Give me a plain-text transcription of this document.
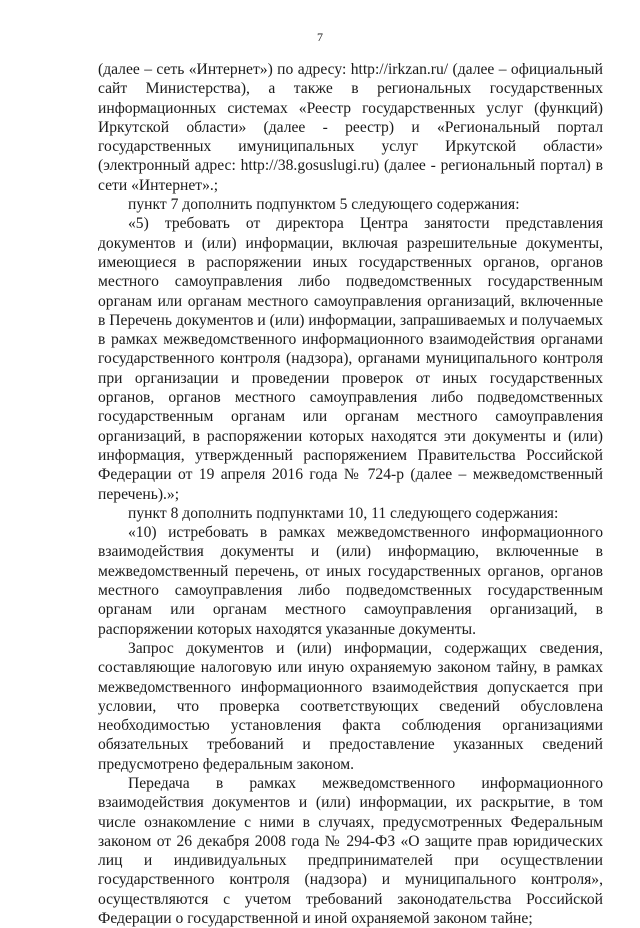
7

(далее – сеть «Интернет») по адресу: http://irkzan.ru/ (далее – официальный сайт Министерства), а также в региональных государственных информационных системах «Реестр государственных услуг (функций) Иркутской области» (далее - реестр) и «Региональный портал государственных имуниципальных услуг Иркутской области» (электронный адрес: http://38.gosuslugi.ru) (далее - региональный портал) в сети «Интернет».;

пункт 7 дополнить подпунктом 5 следующего содержания:

«5) требовать от директора Центра занятости представления документов и (или) информации, включая разрешительные документы, имеющиеся в распоряжении иных государственных органов, органов местного самоуправления либо подведомственных государственным органам или органам местного самоуправления организаций, включенные в Перечень документов и (или) информации, запрашиваемых и получаемых в рамках межведомственного информационного взаимодействия органами государственного контроля (надзора), органами муниципального контроля при организации и проведении проверок от иных государственных органов, органов местного самоуправления либо подведомственных государственным органам или органам местного самоуправления организаций, в распоряжении которых находятся эти документы и (или) информация, утвержденный распоряжением Правительства Российской Федерации от 19 апреля 2016 года № 724-р (далее – межведомственный перечень).»;

пункт 8 дополнить подпунктами 10, 11 следующего содержания:

«10) истребовать в рамках межведомственного информационного взаимодействия документы и (или) информацию, включенные в межведомственный перечень, от иных государственных органов, органов местного самоуправления либо подведомственных государственным органам или органам местного самоуправления организаций, в распоряжении которых находятся указанные документы.

Запрос документов и (или) информации, содержащих сведения, составляющие налоговую или иную охраняемую законом тайну, в рамках межведомственного информационного взаимодействия допускается при условии, что проверка соответствующих сведений обусловлена необходимостью установления факта соблюдения организациями обязательных требований и предоставление указанных сведений предусмотрено федеральным законом.

Передача в рамках межведомственного информационного взаимодействия документов и (или) информации, их раскрытие, в том числе ознакомление с ними в случаях, предусмотренных Федеральным законом от 26 декабря 2008 года № 294-ФЗ «О защите прав юридических лиц и индивидуальных предпринимателей при осуществлении государственного контроля (надзора) и муниципального контроля», осуществляются с учетом требований законодательства Российской Федерации о государственной и иной охраняемой законом тайне;
